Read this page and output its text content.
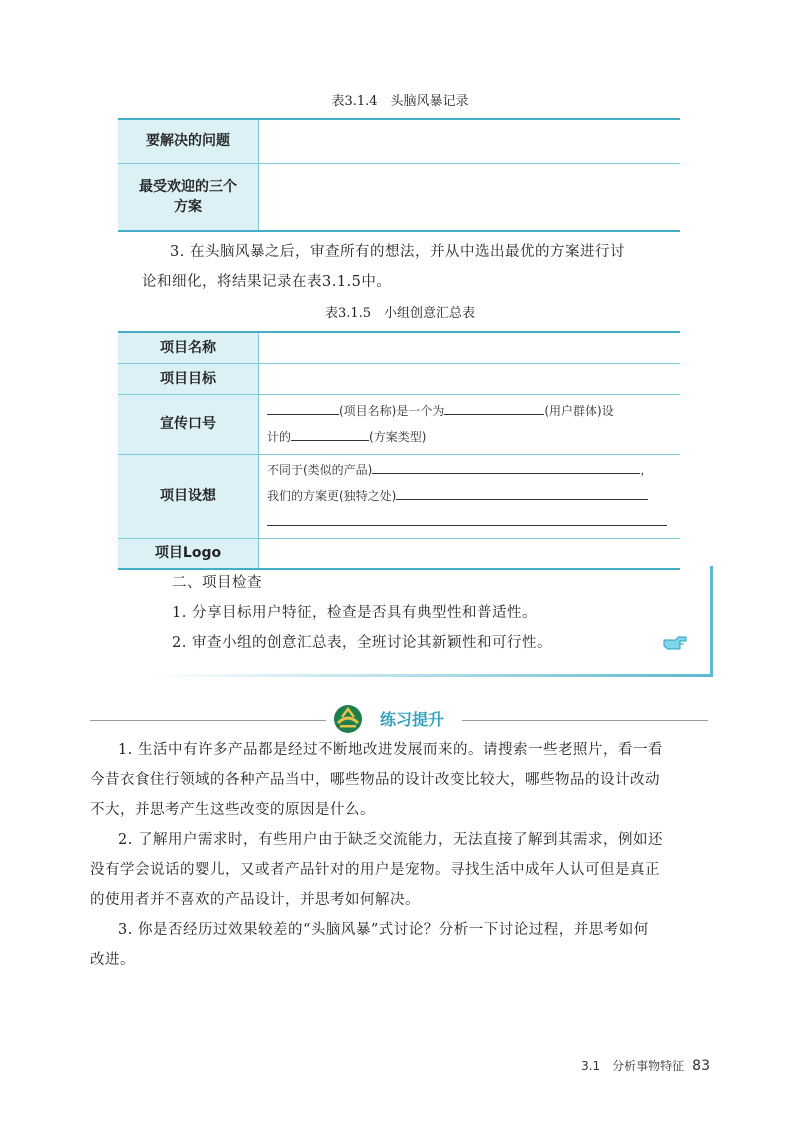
表3.1.4　头脑风暴记录
要解决的问题	
最受欢迎的三个方案	
3. 在头脑风暴之后，审查所有的想法，并从中选出最优的方案进行讨
论和细化，将结果记录在表3.1.5中。
表3.1.5　小组创意汇总表
项目名称	
项目目标	
宣传口号	(项目名称)是一个为 (用户群体)设
计的 (方案类型)

项目设想	不同于(类似的产品) ，
我们的方案更(独特之处)

项目Logo	
二、项目检查
1. 分享目标用户特征，检查是否具有典型性和普适性。
2. 审查小组的创意汇总表，全班讨论其新颖性和可行性。
练习提升
1. 生活中有许多产品都是经过不断地改进发展而来的。请搜索一些老照片，看一看
今昔衣食住行领域的各种产品当中，哪些物品的设计改变比较大，哪些物品的设计改动
不大，并思考产生这些改变的原因是什么。
2. 了解用户需求时，有些用户由于缺乏交流能力，无法直接了解到其需求，例如还
没有学会说话的婴儿，又或者产品针对的用户是宠物。寻找生活中成年人认可但是真正
的使用者并不喜欢的产品设计，并思考如何解决。
3. 你是否经历过效果较差的“头脑风暴”式讨论？分析一下讨论过程，并思考如何
改进。
3.1　分析事物特征 83
